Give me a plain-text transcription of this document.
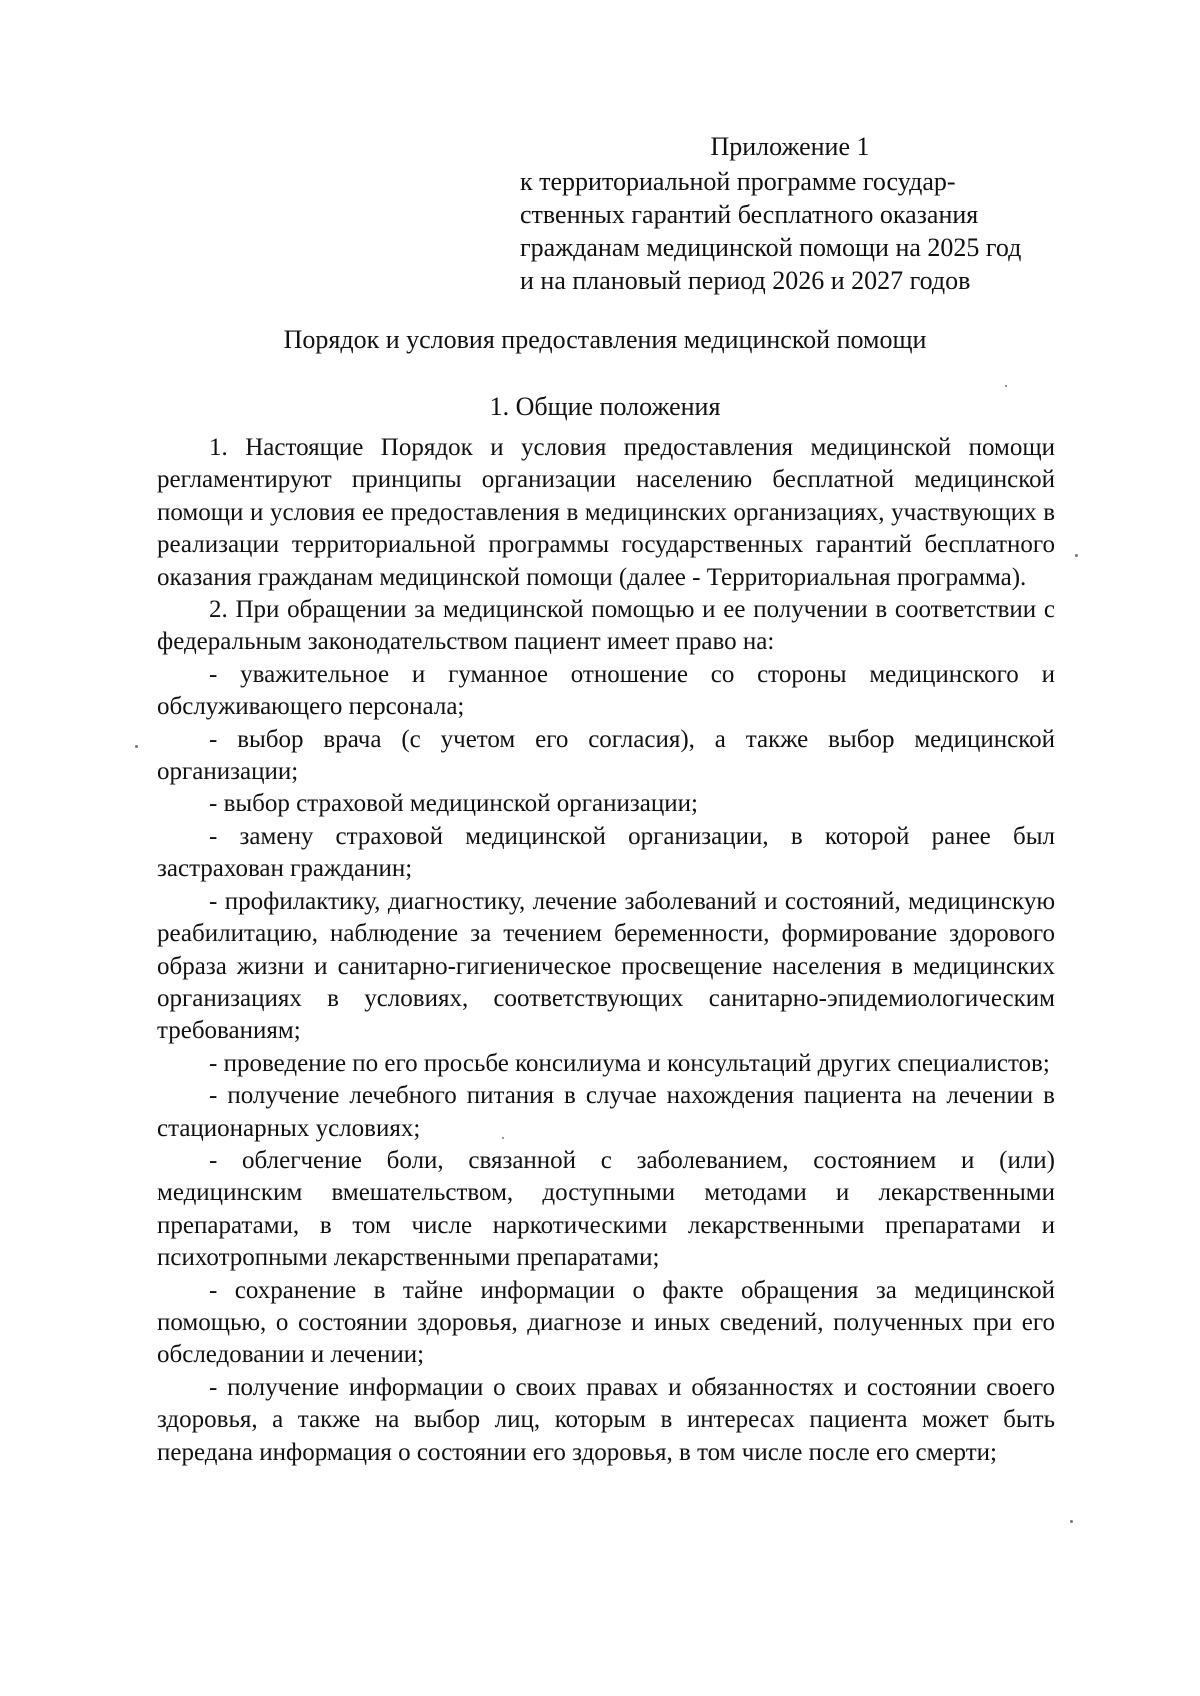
Приложение 1
к территориальной программе государ-
ственных гарантий бесплатного оказания
гражданам медицинской помощи на 2025 год
и на плановый период 2026 и 2027 годов
Порядок и условия предоставления медицинской помощи
1. Общие положения

1. Настоящие Порядок и условия предоставления медицинской помощи регламентируют принципы организации населению бесплатной медицинской помощи и условия ее предоставления в медицинских организациях, участвующих в реализации территориальной программы государственных гарантий бесплатного оказания гражданам медицинской помощи (далее - Территориальная программа).

2. При обращении за медицинской помощью и ее получении в соответствии с федеральным законодательством пациент имеет право на:

- уважительное и гуманное отношение со стороны медицинского и обслуживающего персонала;

- выбор врача (с учетом его согласия), а также выбор медицинской организации;

- выбор страховой медицинской организации;

- замену страховой медицинской организации, в которой ранее был застрахован гражданин;

- профилактику, диагностику, лечение заболеваний и состояний, медицинскую реабилитацию, наблюдение за течением беременности, формирование здорового образа жизни и санитарно-гигиеническое просвещение населения в медицинских организациях в условиях, соответствующих санитарно-эпидемиологическим требованиям;

- проведение по его просьбе консилиума и консультаций других специалистов;

- получение лечебного питания в случае нахождения пациента на лечении в стационарных условиях;

- облегчение боли, связанной с заболеванием, состоянием и (или) медицинским вмешательством, доступными методами и лекарственными препаратами, в том числе наркотическими лекарственными препаратами и психотропными лекарственными препаратами;

- сохранение в тайне информации о факте обращения за медицинской помощью, о состоянии здоровья, диагнозе и иных сведений, полученных при его обследовании и лечении;

- получение информации о своих правах и обязанностях и состоянии своего здоровья, а также на выбор лиц, которым в интересах пациента может быть передана информация о состоянии его здоровья, в том числе после его смерти;
